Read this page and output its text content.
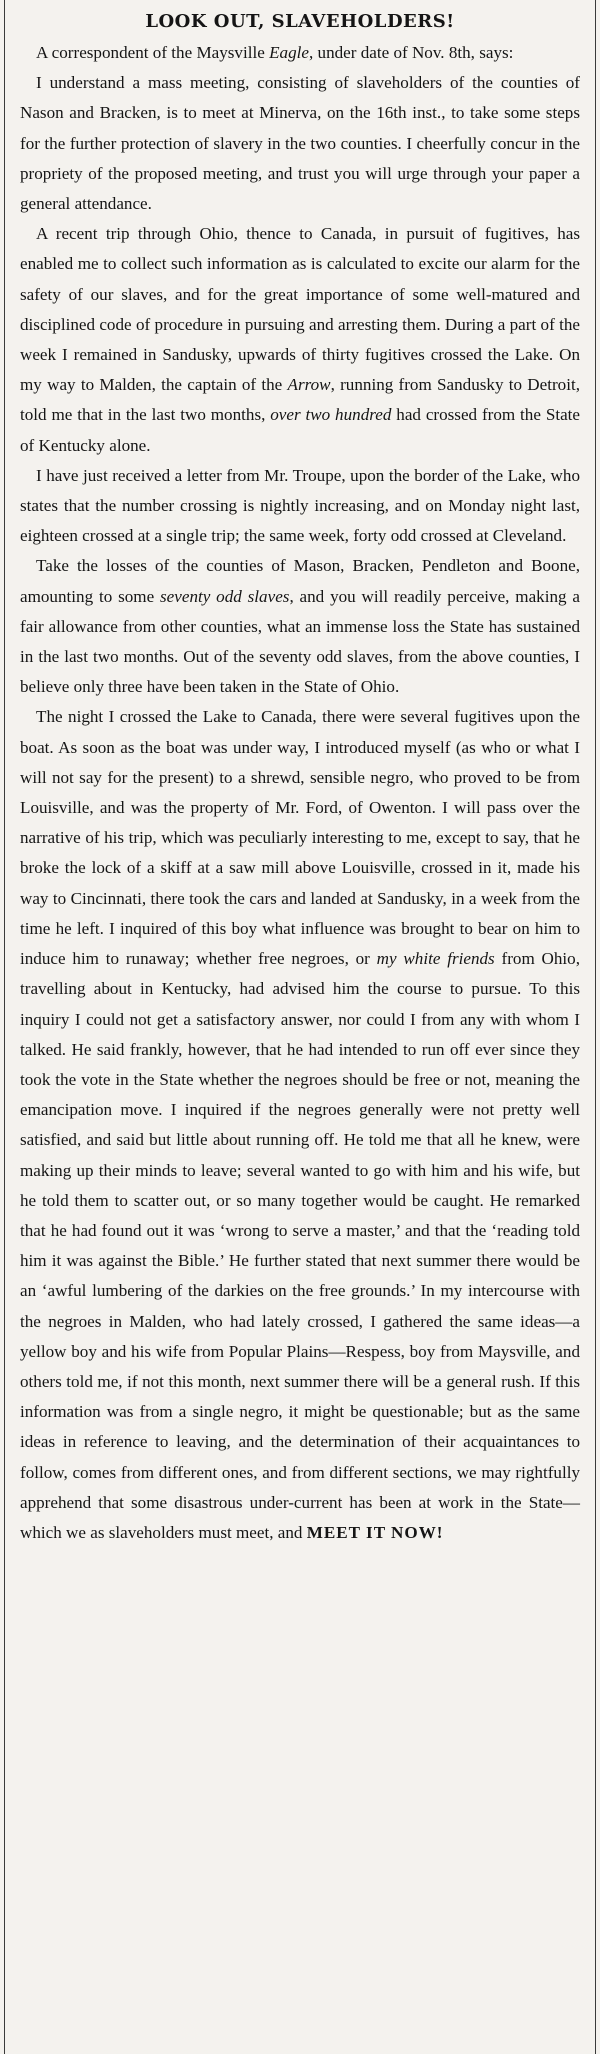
LOOK OUT, SLAVEHOLDERS!

A correspondent of the Maysville Eagle, under date of Nov. 8th, says:

I understand a mass meeting, consisting of slaveholders of the counties of Nason and Bracken, is to meet at Minerva, on the 16th inst., to take some steps for the further protection of slavery in the two counties. I cheerfully concur in the propriety of the proposed meeting, and trust you will urge through your paper a general attendance.

A recent trip through Ohio, thence to Canada, in pursuit of fugitives, has enabled me to collect such information as is calculated to excite our alarm for the safety of our slaves, and for the great importance of some well-matured and disciplined code of procedure in pursuing and arresting them. During a part of the week I remained in Sandusky, upwards of thirty fugitives crossed the Lake. On my way to Malden, the captain of the Arrow, running from Sandusky to Detroit, told me that in the last two months, over two hundred had crossed from the State of Kentucky alone.

I have just received a letter from Mr. Troupe, upon the border of the Lake, who states that the number crossing is nightly increasing, and on Monday night last, eighteen crossed at a single trip; the same week, forty odd crossed at Cleveland.

Take the losses of the counties of Mason, Bracken, Pendleton and Boone, amounting to some seventy odd slaves, and you will readily perceive, making a fair allowance from other counties, what an immense loss the State has sustained in the last two months. Out of the seventy odd slaves, from the above counties, I believe only three have been taken in the State of Ohio.

The night I crossed the Lake to Canada, there were several fugitives upon the boat. As soon as the boat was under way, I introduced myself (as who or what I will not say for the present) to a shrewd, sensible negro, who proved to be from Louisville, and was the property of Mr. Ford, of Owenton. I will pass over the narrative of his trip, which was peculiarly interesting to me, except to say, that he broke the lock of a skiff at a saw mill above Louisville, crossed in it, made his way to Cincinnati, there took the cars and landed at Sandusky, in a week from the time he left. I inquired of this boy what influence was brought to bear on him to induce him to runaway; whether free negroes, or my white friends from Ohio, travelling about in Kentucky, had advised him the course to pursue. To this inquiry I could not get a satisfactory answer, nor could I from any with whom I talked. He said frankly, however, that he had intended to run off ever since they took the vote in the State whether the negroes should be free or not, meaning the emancipation move. I inquired if the negroes generally were not pretty well satisfied, and said but little about running off. He told me that all he knew, were making up their minds to leave; several wanted to go with him and his wife, but he told them to scatter out, or so many together would be caught. He remarked that he had found out it was ‘wrong to serve a master,’ and that the ‘reading told him it was against the Bible.’ He further stated that next summer there would be an ‘awful lumbering of the darkies on the free grounds.’ In my intercourse with the negroes in Malden, who had lately crossed, I gathered the same ideas—a yellow boy and his wife from Popular Plains—Respess, boy from Maysville, and others told me, if not this month, next summer there will be a general rush. If this information was from a single negro, it might be questionable; but as the same ideas in reference to leaving, and the determination of their acquaintances to follow, comes from different ones, and from different sections, we may rightfully apprehend that some disastrous under-current has been at work in the State—which we as slaveholders must meet, and MEET IT NOW!
